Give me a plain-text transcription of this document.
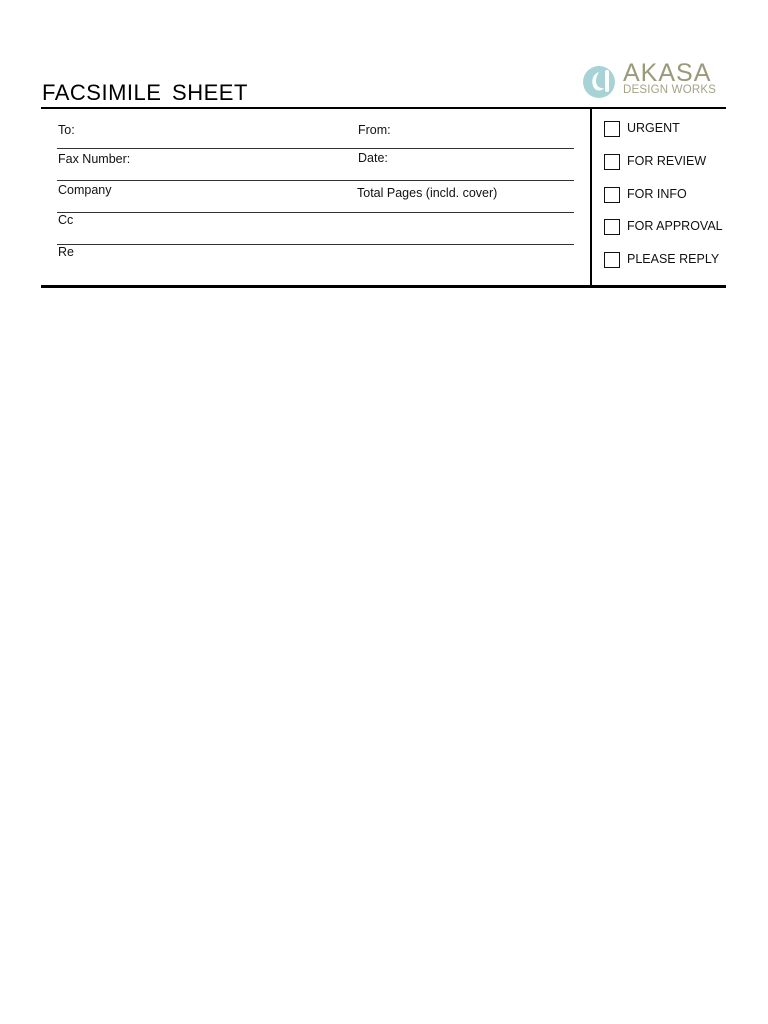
FACSIMILE SHEET
AKASA
DESIGN WORKS
To:	From:
Fax Number:	Date:
Company	Total Pages (incld. cover)
Cc
Re
URGENT
FOR REVIEW
FOR INFO
FOR APPROVAL
PLEASE REPLY
